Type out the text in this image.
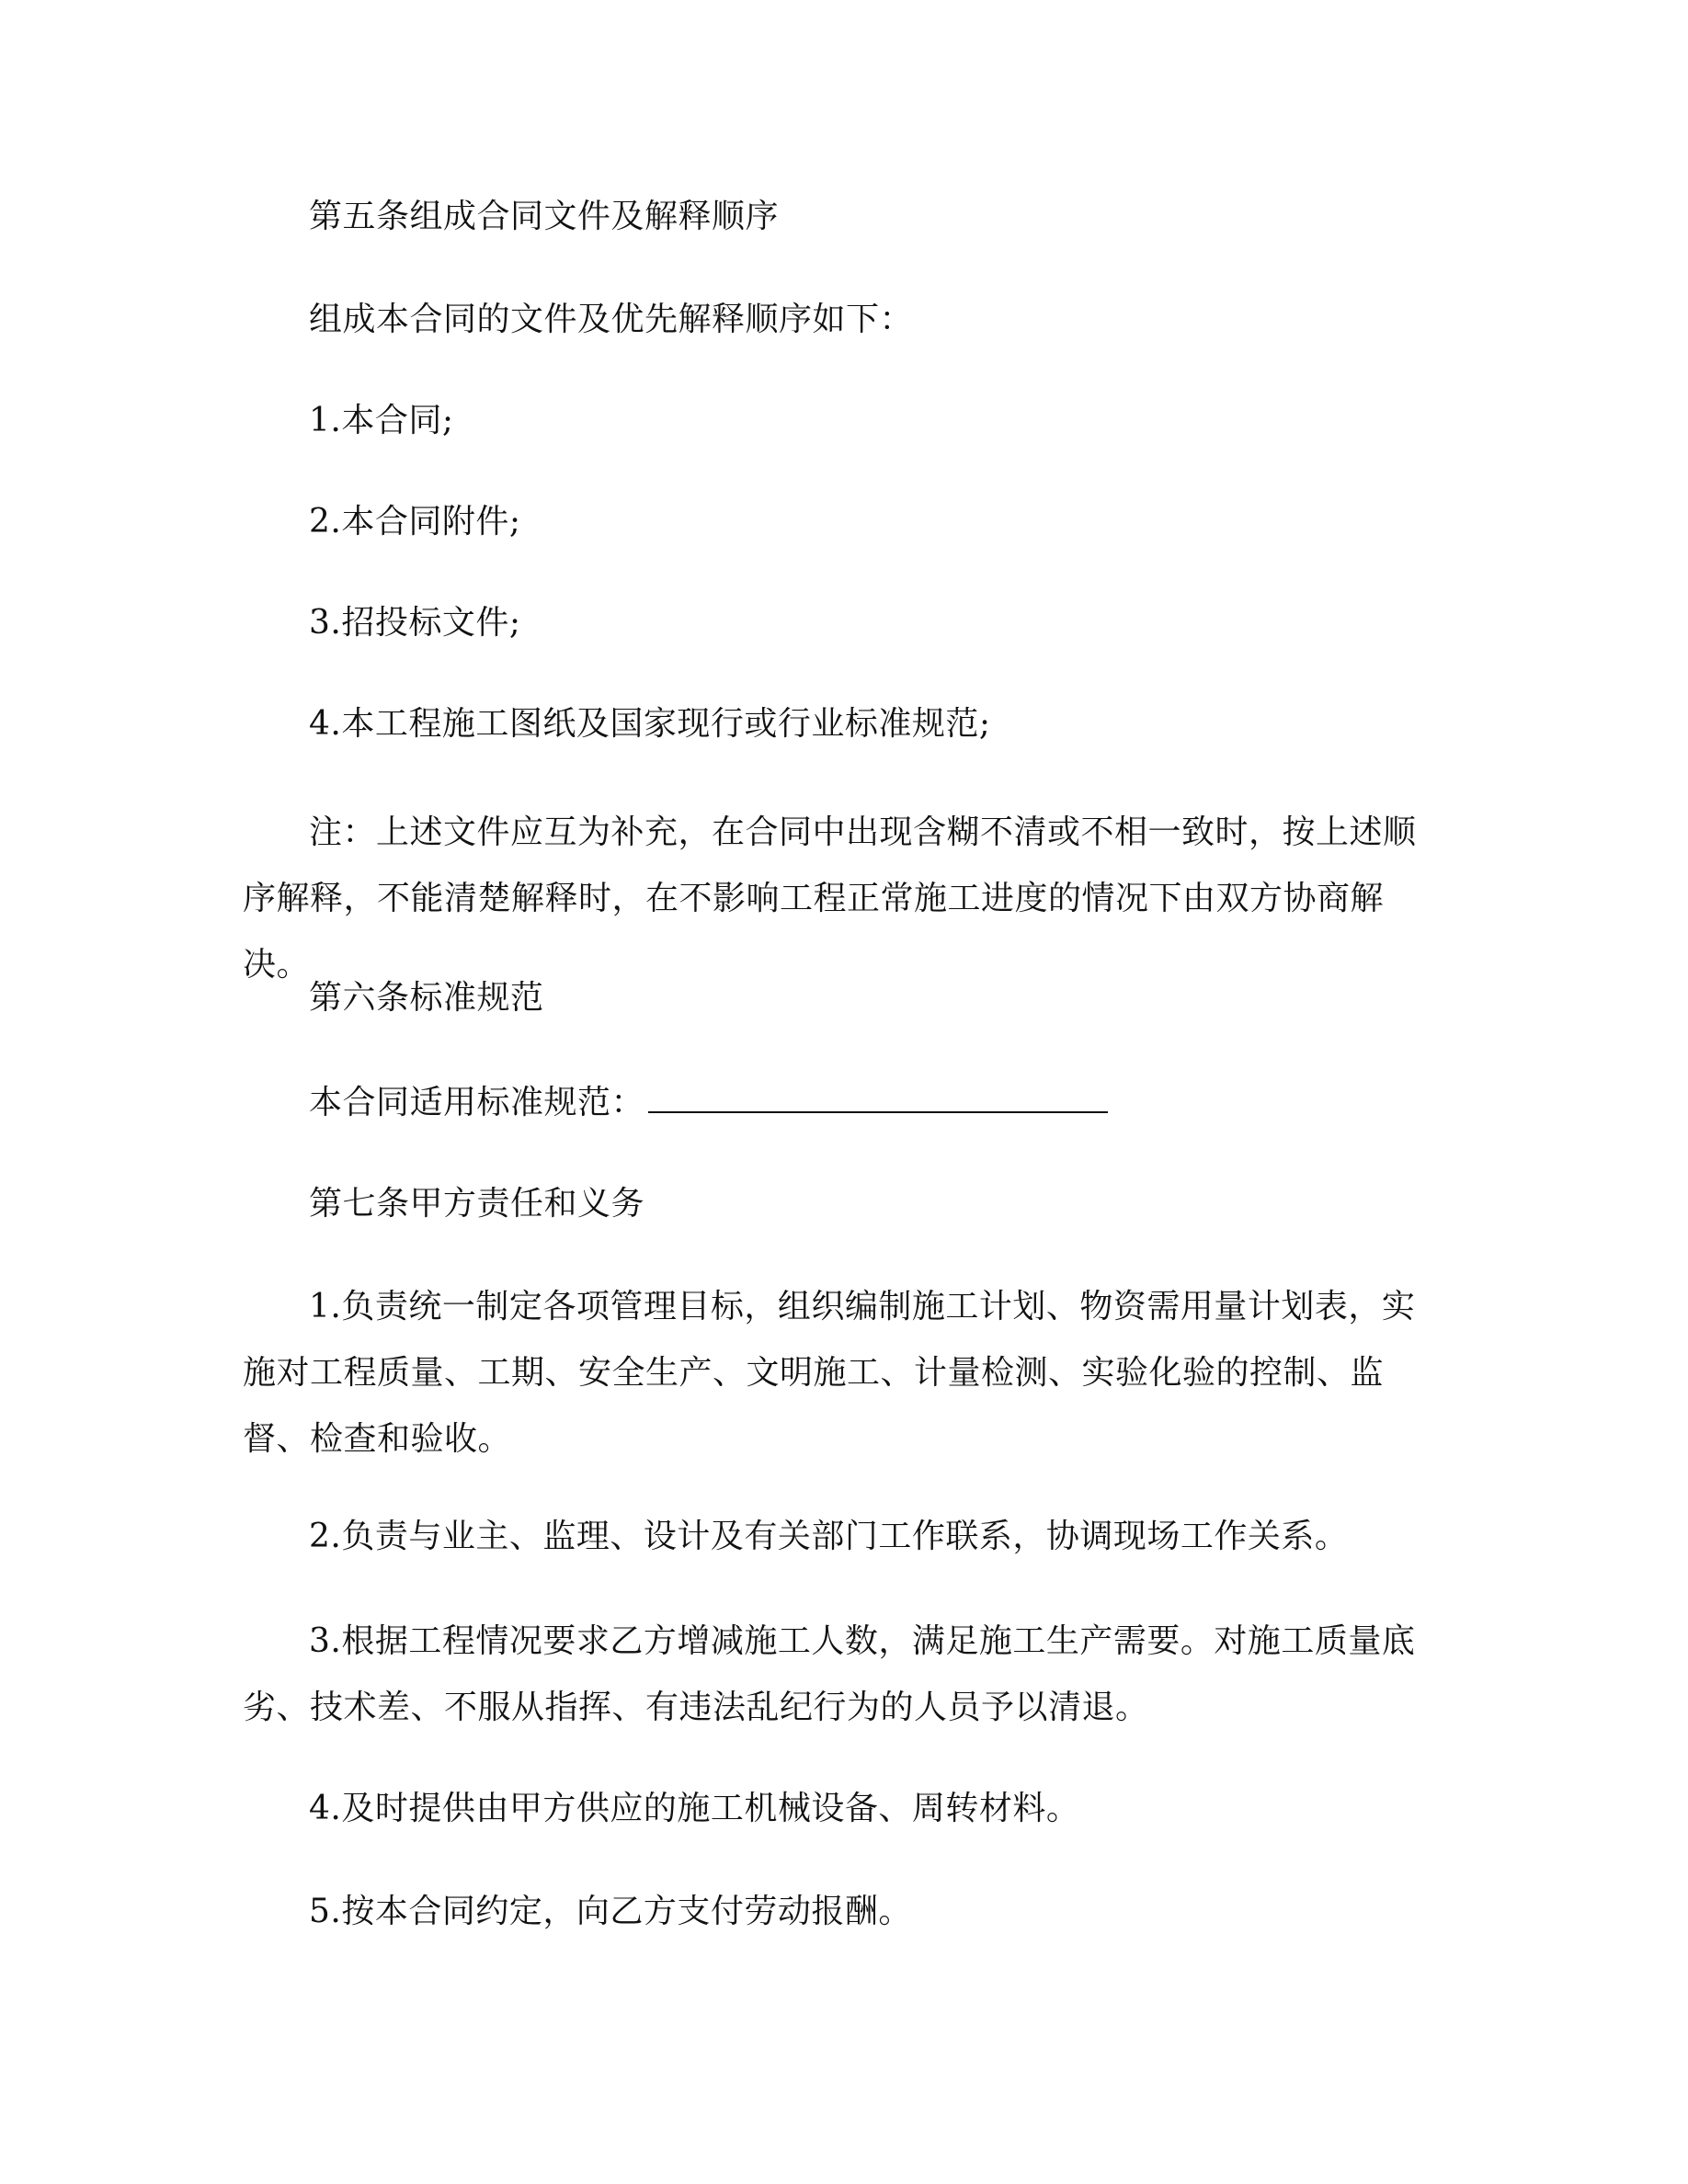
第五条组成合同文件及解释顺序

组成本合同的文件及优先解释顺序如下：

1.本合同;

2.本合同附件;

3.招投标文件;

4.本工程施工图纸及国家现行或行业标准规范;

注：上述文件应互为补充，在合同中出现含糊不清或不相一致时，按上述顺序解释，不能清楚解释时，在不影响工程正常施工进度的情况下由双方协商解决。

第六条标准规范

本合同适用标准规范：

第七条甲方责任和义务

1.负责统一制定各项管理目标，组织编制施工计划、物资需用量计划表，实施对工程质量、工期、安全生产、文明施工、计量检测、实验化验的控制、监督、检查和验收。

2.负责与业主、监理、设计及有关部门工作联系，协调现场工作关系。

3.根据工程情况要求乙方增减施工人数，满足施工生产需要。对施工质量底劣、技术差、不服从指挥、有违法乱纪行为的人员予以清退。

4.及时提供由甲方供应的施工机械设备、周转材料。

5.按本合同约定，向乙方支付劳动报酬。
